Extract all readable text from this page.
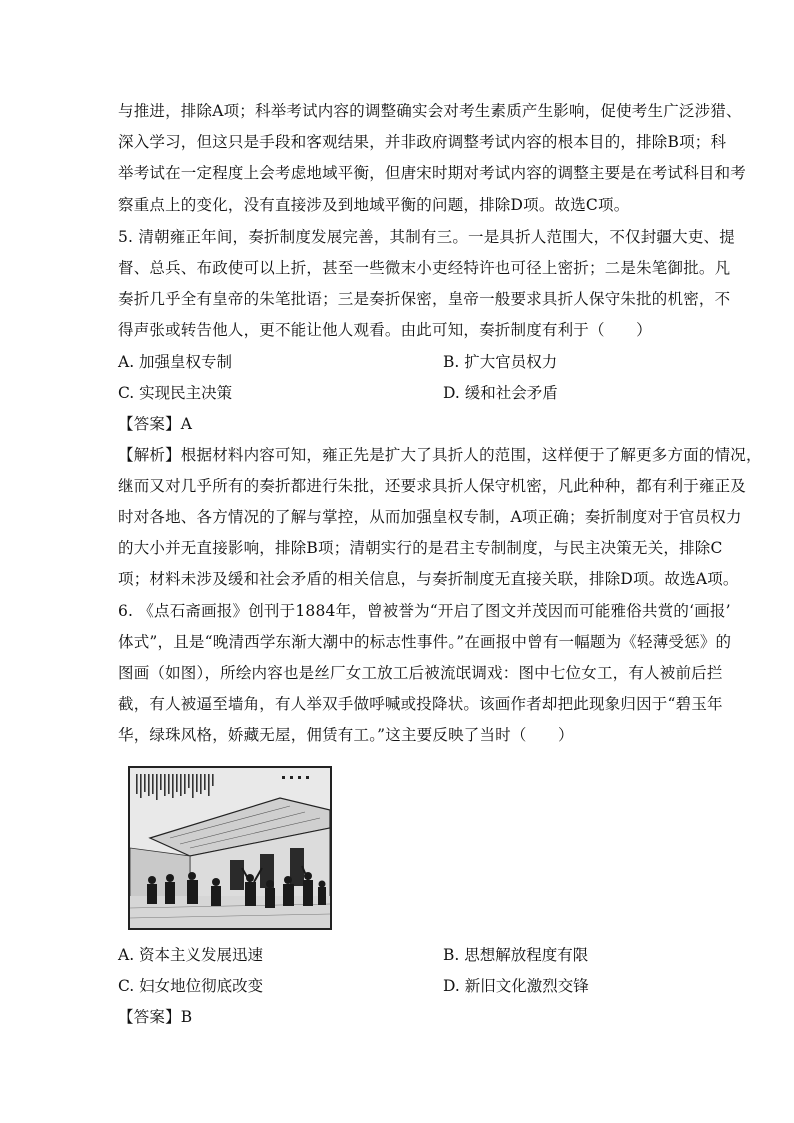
与推进，排除A项；科举考试内容的调整确实会对考生素质产生影响，促使考生广泛涉猎、
深入学习，但这只是手段和客观结果，并非政府调整考试内容的根本目的，排除B项；科
举考试在一定程度上会考虑地域平衡，但唐宋时期对考试内容的调整主要是在考试科目和考
察重点上的变化，没有直接涉及到地域平衡的问题，排除D项。故选C项。
5. 清朝雍正年间，奏折制度发展完善，其制有三。一是具折人范围大，不仅封疆大吏、提
督、总兵、布政使可以上折，甚至一些微末小吏经特许也可径上密折；二是朱笔御批。凡
奏折几乎全有皇帝的朱笔批语；三是奏折保密，皇帝一般要求具折人保守朱批的机密，不
得声张或转告他人，更不能让他人观看。由此可知，奏折制度有利于（　　）
A. 加强皇权专制	B. 扩大官员权力
C. 实现民主决策	D. 缓和社会矛盾
【答案】A
【解析】根据材料内容可知，雍正先是扩大了具折人的范围，这样便于了解更多方面的情况，
继而又对几乎所有的奏折都进行朱批，还要求具折人保守机密，凡此种种，都有利于雍正及
时对各地、各方情况的了解与掌控，从而加强皇权专制，A项正确；奏折制度对于官员权力
的大小并无直接影响，排除B项；清朝实行的是君主专制制度，与民主决策无关，排除C
项；材料未涉及缓和社会矛盾的相关信息，与奏折制度无直接关联，排除D项。故选A项。
6. 《点石斋画报》创刊于1884年，曾被誉为“开启了图文并茂因而可能雅俗共赏的‘画报’
体式”，且是“晚清西学东渐大潮中的标志性事件。”在画报中曾有一幅题为《轻薄受惩》的
图画（如图），所绘内容也是丝厂女工放工后被流氓调戏：图中七位女工，有人被前后拦
截，有人被逼至墙角，有人举双手做呼喊或投降状。该画作者却把此现象归因于“碧玉年
华，绿珠风格，娇藏无屋，佣赁有工。”这主要反映了当时（　　）
A. 资本主义发展迅速	B. 思想解放程度有限
C. 妇女地位彻底改变	D. 新旧文化激烈交锋
【答案】B
